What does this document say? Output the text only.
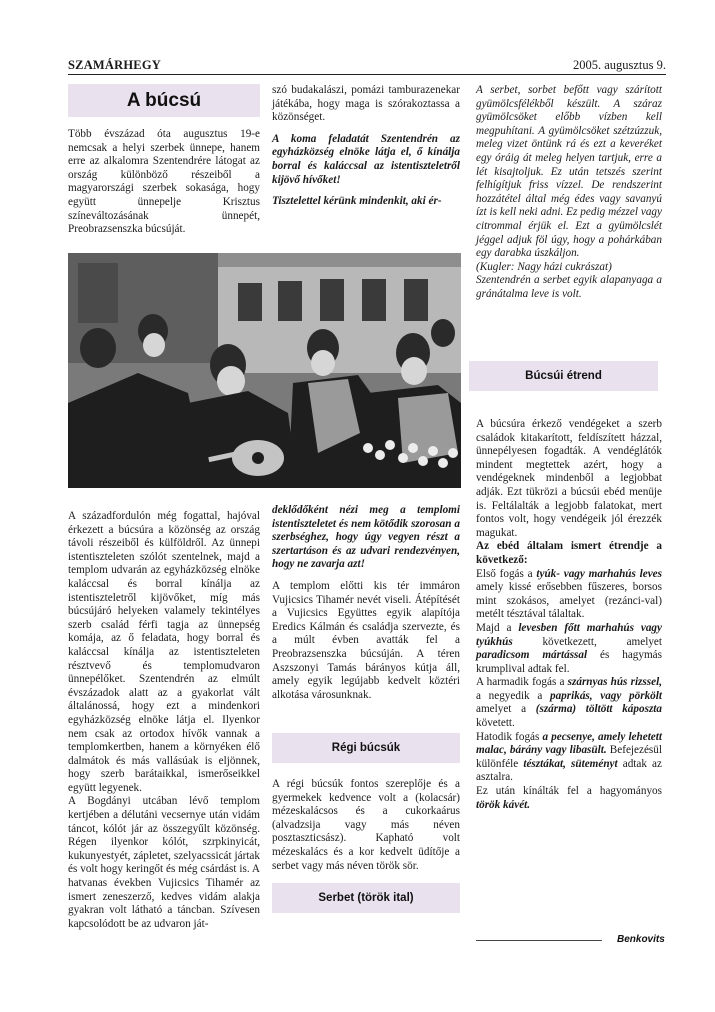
SZAMÁRHEGY	2005. augusztus 9.
A búcsú

Több évszázad óta augusztus 19-e nemcsak a helyi szerbek ünnepe, hanem erre az alkalomra Szentendrére látogat az ország különböző részeiből a magyarországi szerbek sokasága, hogy együtt ünnepelje Krisztus színeváltozásának ünnepét, Preobrazsenszka búcsúját.

szó budakalászi, pomázi tamburazenekar játékába, hogy maga is szórakoztassa a közönséget.

A koma feladatát Szentendrén az egyházközség elnöke látja el, ő kínálja borral és kaláccsal az istentiszteletről kijövő hívőket!

Tisztelettel kérünk mindenkit, aki ér-

A serbet, sorbet befőtt vagy szárított gyümölcsfélékből készült. A száraz gyümölcsöket előbb vízben kell megpuhítani. A gyümölcsöket szétzúzzuk, meleg vizet öntünk rá és ezt a keveréket egy óráig át meleg helyen tartjuk, erre a lét kisajtoljuk. Ez után tetszés szerint felhígítjuk friss vízzel. De rendszerint hozzátétel által még édes vagy savanyú ízt is kell neki adni. Ez pedig mézzel vagy citrommal érjük el. Ezt a gyümölcslét jéggel adjuk föl úgy, hogy a pohárkában egy darabka úszkáljon.

(Kugler: Nagy házi cukrászat)

Szentendrén a serbet egyik alapanyaga a gránátalma leve is volt.

Búcsúi étrend

A búcsúra érkező vendégeket a szerb családok kitakarított, feldíszített házzal, ünnepélyesen fogadták. A vendéglátók mindent megtettek azért, hogy a vendégeknek mindenből a legjobbat adják. Ezt tükrözi a búcsúi ebéd menüje is. Feltálalták a legjobb falatokat, mert fontos volt, hogy vendégeik jól érezzék magukat.

Az ebéd általam ismert étrendje a következő:

Első fogás a tyúk- vagy marhahús leves amely kissé erősebben fűszeres, borsos mint szokásos, amelyet (rezánci-val) metélt tésztával tálaltak.

Majd a levesben főtt marhahús vagy tyúkhús következett, amelyet paradicsom mártással és hagymás krumplival adtak fel.

A harmadik fogás a szárnyas hús rizssel, a negyedik a paprikás, vagy pörkölt amelyet a (szárma) töltött káposzta követett.

Hatodik fogás a pecsenye, amely lehetett malac, bárány vagy libasült. Befejezésül különféle tésztákat, süteményt adtak az asztalra.

Ez után kínálták fel a hagyományos török kávét.

A századfordulón még fogattal, hajóval érkezett a búcsúra a közönség az ország távoli részeiből és külföldről. Az ünnepi istentiszteleten szólót szentelnek, majd a templom udvarán az egyházközség elnöke kaláccsal és borral kínálja az istentiszteletről kijövőket, míg más búcsújáró helyeken valamely tekintélyes szerb család férfi tagja az ünnepség komája, az ő feladata, hogy borral és kaláccsal kínálja az istentiszteleten résztvevő és templomudvaron ünnepélőket. Szentendrén az elmúlt évszázadok alatt az a gyakorlat vált általánossá, hogy ezt a mindenkori egyházközség elnöke látja el. Ilyenkor nem csak az ortodox hívők vannak a templomkertben, hanem a környéken élő dalmátok és más vallásúak is eljönnek, hogy szerb barátaikkal, ismerőseikkel együtt legyenek.

A Bogdányi utcában lévő templom kertjében a délutáni vecsernye után vidám táncot, kólót jár az összegyűlt közönség. Régen ilyenkor kólót, szrpkinyicát, kukunyestyét, zápletet, szelyacssicát jártak és volt hogy keringőt és még csárdást is. A hatvanas években Vujicsics Tihamér az ismert zeneszerző, kedves vidám alakja gyakran volt látható a táncban. Szívesen kapcsolódott be az udvaron ját-

deklődőként nézi meg a templomi istentiszteletet és nem kötődik szorosan a szerbséghez, hogy úgy vegyen részt a szertartáson és az udvari rendezvényen, hogy ne zavarja azt!

A templom előtti kis tér immáron Vujicsics Tihamér nevét viseli. Átépítését a Vujicsics Együttes egyik alapítója Eredics Kálmán és családja szervezte, és a múlt évben avatták fel a Preobrazsenszka búcsúján. A téren Aszszonyi Tamás bárányos kútja áll, amely egyik legújabb kedvelt köztéri alkotása városunknak.

Régi búcsúk

A régi búcsúk fontos szereplője és a gyermekek kedvence volt a (kolacsár) mézeskalácsos és a cukorkaárus (alvadzsija vagy más néven posztaszticsász). Kapható volt mézeskalács és a kor kedvelt üdítője a serbet vagy más néven török sör.

Serbet (török ital)
Benkovits
